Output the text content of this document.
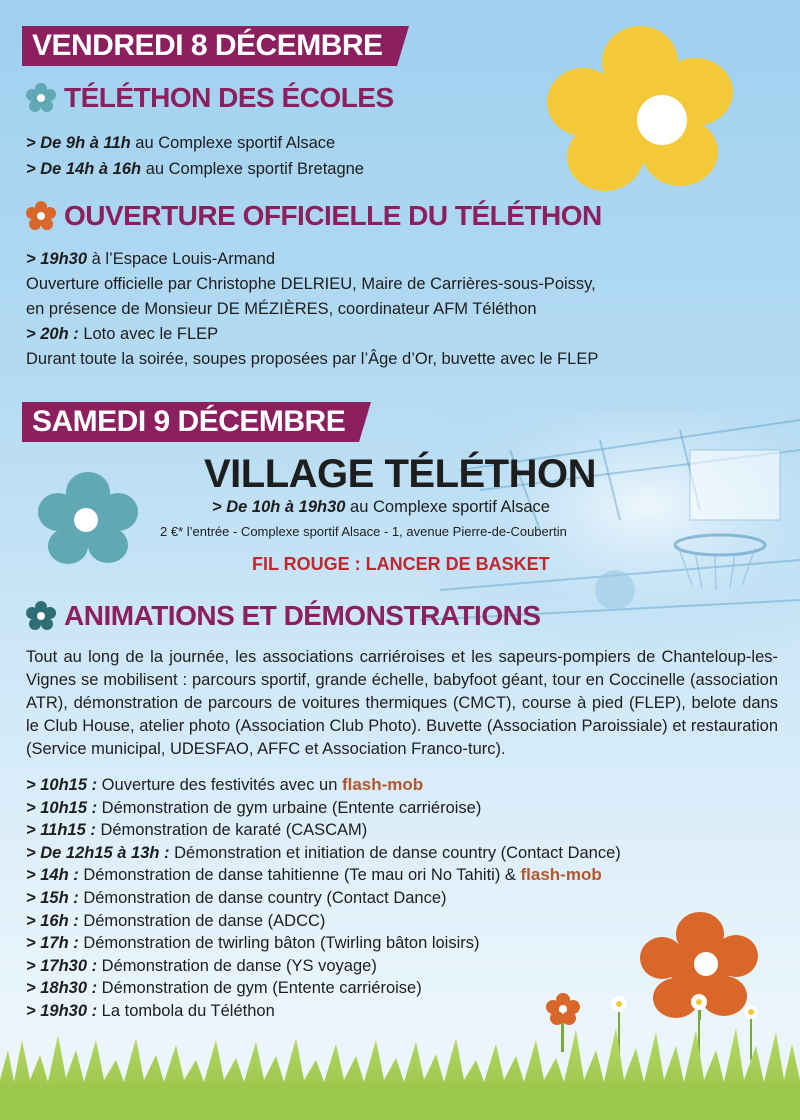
VENDREDI 8 DÉCEMBRE
TÉLÉTHON DES ÉCOLES
> De 9h à 11h au Complexe sportif Alsace
> De 14h à 16h au Complexe sportif Bretagne
OUVERTURE OFFICIELLE DU TÉLÉTHON
> 19h30 à l’Espace Louis-Armand
Ouverture officielle par Christophe DELRIEU, Maire de Carrières-sous-Poissy,
en présence de Monsieur DE MÉZIÈRES, coordinateur AFM Téléthon
> 20h : Loto avec le FLEP
Durant toute la soirée, soupes proposées par l’Âge d’Or, buvette avec le FLEP
SAMEDI 9 DÉCEMBRE
VILLAGE TÉLÉTHON
> De 10h à 19h30 au Complexe sportif Alsace
2 €* l’entrée - Complexe sportif Alsace - 1, avenue Pierre-de-Coubertin
FIL ROUGE : LANCER DE BASKET
ANIMATIONS ET DÉMONSTRATIONS
Tout au long de la journée, les associations carriéroises et les sapeurs-pompiers de Chanteloup-les-Vignes se mobilisent : parcours sportif, grande échelle, babyfoot géant, tour en Coccinelle (association ATR), démonstration de parcours de voitures thermiques (CMCT), course à pied (FLEP), belote dans le Club House, atelier photo (Association Club Photo). Buvette (Association Paroissiale) et restauration (Service municipal, UDESFAO, AFFC et Association Franco-turc).
> 10h15 : Ouverture des festivités avec un flash-mob
> 10h15 : Démonstration de gym urbaine (Entente carriéroise)
> 11h15 : Démonstration de karaté (CASCAM)
> De 12h15 à 13h : Démonstration et initiation de danse country (Contact Dance)
> 14h : Démonstration de danse tahitienne (Te mau ori No Tahiti) & flash-mob
> 15h : Démonstration de danse country (Contact Dance)
> 16h : Démonstration de danse (ADCC)
> 17h : Démonstration de twirling bâton (Twirling bâton loisirs)
> 17h30 : Démonstration de danse (YS voyage)
> 18h30 : Démonstration de gym (Entente carriéroise)
> 19h30 : La tombola du Téléthon
